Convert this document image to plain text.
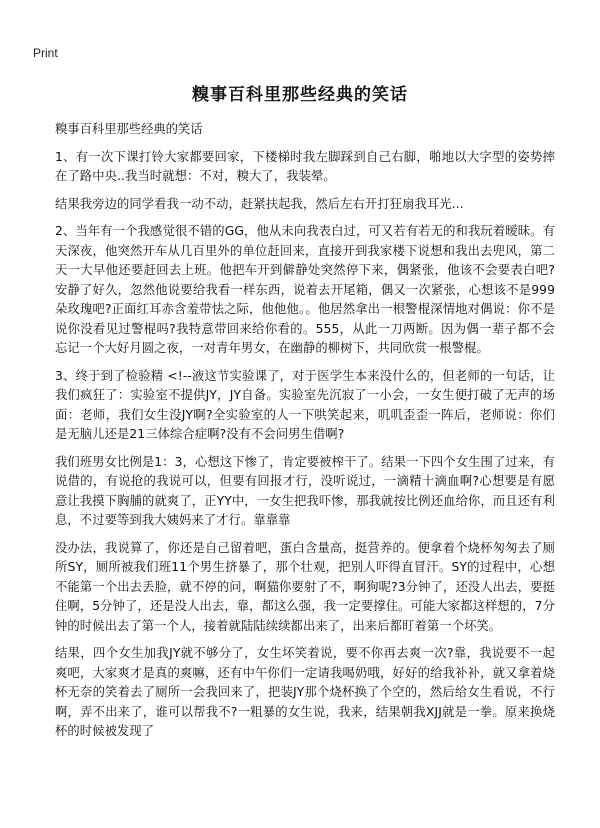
Print
糗事百科里那些经典的笑话

糗事百科里那些经典的笑话

1、有一次下课打铃大家都要回家，下楼梯时我左脚踩到自己右脚，啪地以大字型的姿势摔在了路中央..我当时就想：不对，糗大了，我装晕。

结果我旁边的同学看我一动不动，赶紧扶起我，然后左右开打狂扇我耳光...

2、当年有一个我感觉很不错的GG，他从未向我表白过，可又若有若无的和我玩着暧昧。有天深夜，他突然开车从几百里外的单位赶回来，直接开到我家楼下说想和我出去兜风，第二天一大早他还要赶回去上班。他把车开到僻静处突然停下来，偶紧张，他该不会要表白吧?安静了好久，忽然他说要给我看一样东西，说着去开尾箱，偶又一次紧张，心想该不是999朵玫瑰吧?正面红耳赤含羞带怯之际，他他他。。他居然拿出一根警棍深情地对偶说：你不是说你没看见过警棍吗?我特意带回来给你看的。555，从此一刀两断。因为偶一辈子都不会忘记一个大好月圆之夜，一对青年男女，在幽静的柳树下，共同欣赏一根警棍。

3、终于到了检验精 <!--液这节实验课了，对于医学生本来没什么的，但老师的一句话，让我们疯狂了：实验室不提供JY，JY自备。实验室先沉寂了一小会，一女生便打破了无声的场面：老师，我们女生没JY啊?全实验室的人一下哄笑起来，叽叽歪歪一阵后，老师说：你们是无脑儿还是21三体综合症啊?没有不会问男生借啊?

我们班男女比例是1：3，心想这下惨了，肯定要被榨干了。结果一下四个女生围了过来，有说借的，有说抢的我说可以，但要有回报才行，没听说过，一滴精十滴血啊?心想要是有愿意让我摸下胸脯的就爽了，正YY中，一女生把我吓惨，那我就按比例还血给你，而且还有利息，不过要等到我大姨妈来了才行。靠靠靠

没办法，我说算了，你还是自己留着吧，蛋白含量高，挺营养的。便拿着个烧杯匆匆去了厕所SY，厕所被我们班11个男生挤暴了，那个壮观，把别人吓得直冒汗。SY的过程中，心想不能第一个出去丢脸，就不停的问，啊猫你要射了不，啊狗呢?3分钟了，还没人出去，要挺住啊，5分钟了，还是没人出去，靠，都这么强，我一定要撑住。可能大家都这样想的，7分钟的时候出去了第一个人，接着就陆陆续续都出来了，出来后都盯着第一个坏笑。

结果，四个女生加我JY就不够分了，女生坏笑着说，要不你再去爽一次?靠，我说要不一起爽吧，大家爽才是真的爽嘛，还有中午你们一定请我喝奶哦，好好的给我补补，就又拿着烧杯无奈的笑着去了厕所一会我回来了，把装JY那个烧杯换了个空的，然后给女生看说，不行啊，弄不出来了，谁可以帮我不?一粗暴的女生说，我来，结果朝我XJJ就是一拳。原来换烧杯的时候被发现了
